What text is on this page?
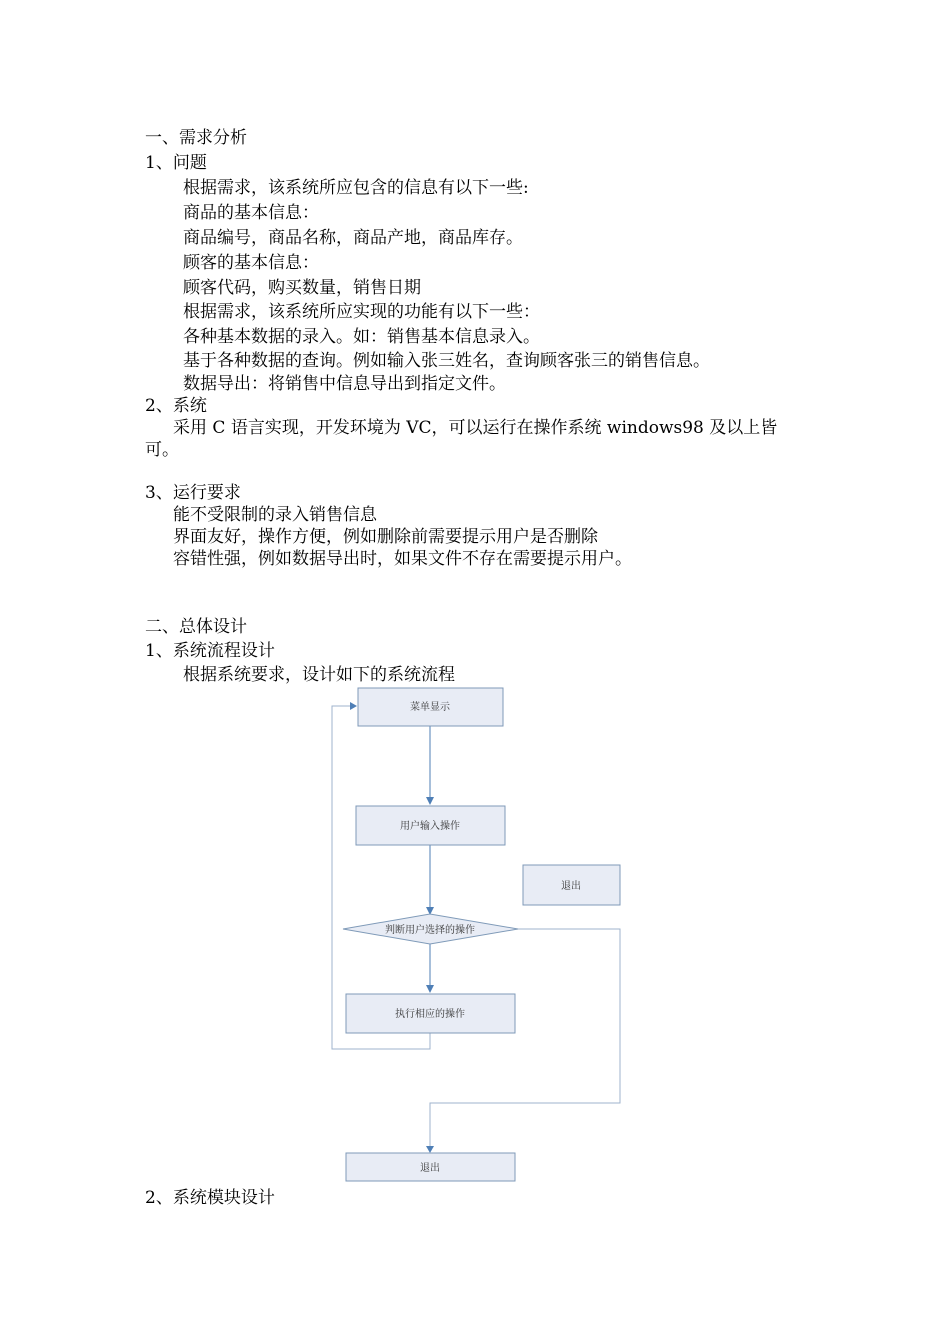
一、需求分析
1、问题
根据需求，该系统所应包含的信息有以下一些:
商品的基本信息：
商品编号，商品名称，商品产地，商品库存。
顾客的基本信息：
顾客代码，购买数量，销售日期
根据需求，该系统所应实现的功能有以下一些：
各种基本数据的录入。如：销售基本信息录入。
基于各种数据的查询。例如输入张三姓名，查询顾客张三的销售信息。
数据导出：将销售中信息导出到指定文件。
2、系统
采用 C 语言实现，开发环境为 VC，可以运行在操作系统 windows98 及以上皆
可。
3、运行要求
能不受限制的录入销售信息
界面友好，操作方便，例如删除前需要提示用户是否删除
容错性强，例如数据导出时，如果文件不存在需要提示用户。
二、总体设计
1、系统流程设计
根据系统要求，设计如下的系统流程
菜单显示
用户输入操作
退出
判断用户选择的操作
执行相应的操作
退出
2、系统模块设计
